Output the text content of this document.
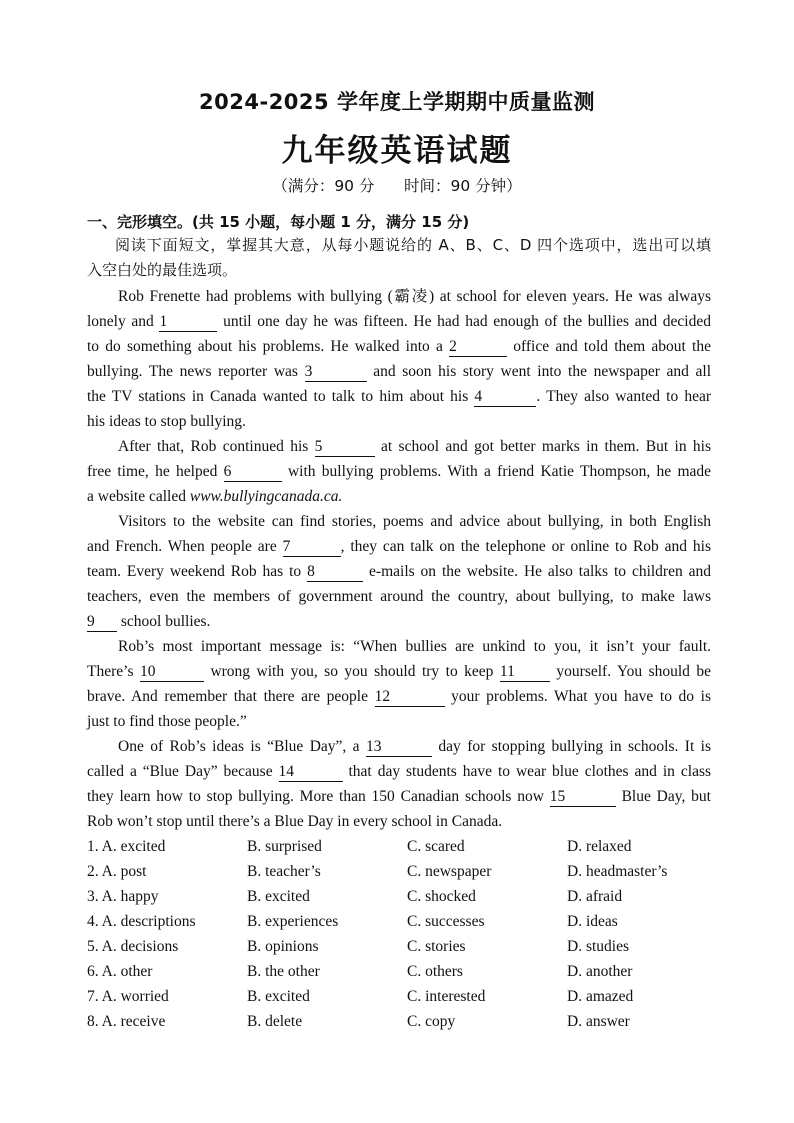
2024-2025 学年度上学期期中质量监测
九年级英语试题
（满分：90 分      时间：90 分钟）
一、完形填空。(共 15 小题，每小题 1 分，满分 15 分)
阅读下面短文，掌握其大意，从每小题说给的 A、B、C、D 四个选项中，选出可以填
入空白处的最佳选项。
Rob Frenette had problems with bullying (霸凌) at school for eleven years. He was always
lonely and 1	until one day he was fifteen. He had had enough of the bullies and decided
to do something about his problems. He walked into a 2	office and told them about the
bullying. The news reporter was 3	and soon his story went into the newspaper and all
the TV stations in Canada wanted to talk to him about his 4	. They also wanted to hear
his ideas to stop bullying.
After that, Rob continued his 5	at school and got better marks in them. But in his
free time, he helped 6	with bullying problems. With a friend Katie Thompson, he made
a website called www.bullyingcanada.ca.
Visitors to the website can find stories, poems and advice about bullying, in both English
and French. When people are 7	, they can talk on the telephone or online to Rob and his
team. Every weekend Rob has to 8	e-mails on the website. He also talks to children and
teachers, even the members of government around the country, about bullying, to make laws
9 school bullies.
Rob’s most important message is: “When bullies are unkind to you, it isn’t your fault.
There’s 10	wrong with you, so you should try to keep 11	yourself. You should be
brave. And remember that there are people 12	your problems. What you have to do is
just to find those people.”
One of Rob’s ideas is “Blue Day”, a 13	day for stopping bullying in schools. It is
called a “Blue Day” because 14	that day students have to wear blue clothes and in class
they learn how to stop bullying. More than 150 Canadian schools now 15	Blue Day, but
Rob won’t stop until there’s a Blue Day in every school in Canada.
1. A. excited	B. surprised	C. scared	D. relaxed
2. A. post	B. teacher’s	C. newspaper	D. headmaster’s
3. A. happy	B. excited	C. shocked	D. afraid
4. A. descriptions	B. experiences	C. successes	D. ideas
5. A. decisions	B. opinions	C. stories	D. studies
6. A. other	B. the other	C. others	D. another
7. A. worried	B. excited	C. interested	D. amazed
8. A. receive	B. delete	C. copy	D. answer
